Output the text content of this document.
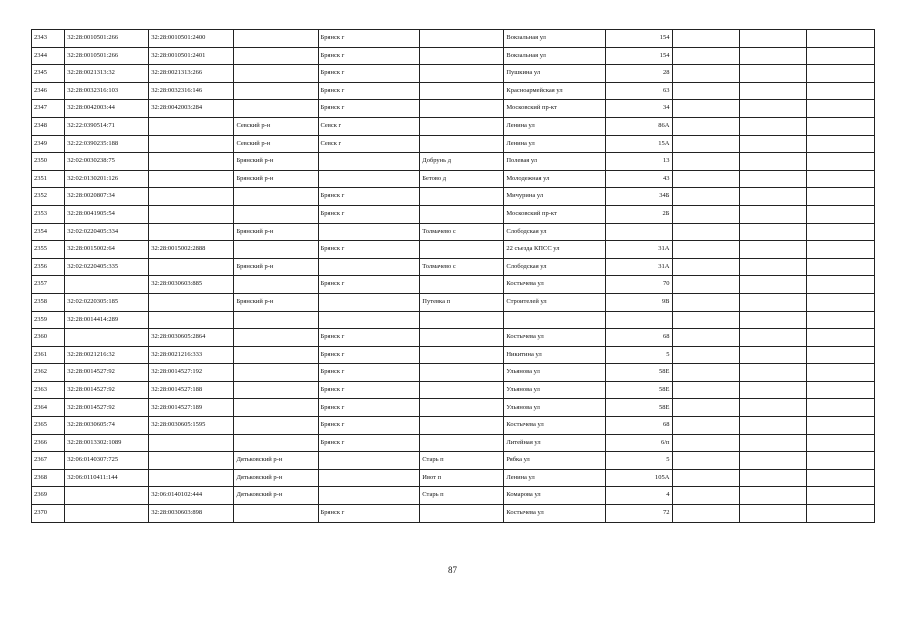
2343	32:28:0010501:266	32:28:0010501:2400		Брянск г		Вокзальная ул	154			
2344	32:28:0010501:266	32:28:0010501:2401		Брянск г		Вокзальная ул	154			
2345	32:28:0021313:32	32:28:0021313:266		Брянск г		Пушкина ул	28			
2346	32:28:0032316:103	32:28:0032316:146		Брянск г		Красноармейская ул	63			
2347	32:28:0042003:44	32:28:0042003:284		Брянск г		Московский пр-кт	34			
2348	32:22:0390514:71		Севский р-н	Севск г		Ленина ул	86А			
2349	32:22:0390235:188		Севский р-н	Севск г		Ленина ул	15А			
2350	32:02:0030238:75		Брянский р-н		Добрунь д	Полевая ул	13			
2351	32:02:0130201:126		Брянский р-н		Бетово д	Молодежная ул	43			
2352	32:28:0020807:34			Брянск г		Мичурина ул	34Б			
2353	32:28:0041905:54			Брянск г		Московский пр-кт	2Б			
2354	32:02:0220405:334		Брянский р-н		Толмачево с	Слободская ул				
2355	32:28:0015002:64	32:28:0015002:2888		Брянск г		22 съезда КПСС ул	31А			
2356	32:02:0220405:335		Брянский р-н		Толмачево с	Слободская ул	31А			
2357		32:28:0030603:885		Брянск г		Костычева ул	70			
2358	32:02:0220305:185		Брянский р-н		Путевка п	Строителей ул	9В			
2359	32:28:0014414:289									
2360		32:28:0030605:2864		Брянск г		Костычева ул	68			
2361	32:28:0021216:32	32:28:0021216:333		Брянск г		Никитина ул	5			
2362	32:28:0014527:92	32:28:0014527:192		Брянск г		Ульянова ул	58Е			
2363	32:28:0014527:92	32:28:0014527:188		Брянск г		Ульянова ул	58Е			
2364	32:28:0014527:92	32:28:0014527:189		Брянск г		Ульянова ул	58Е			
2365	32:28:0030605:74	32:28:0030605:1595		Брянск г		Костычева ул	68			
2366	32:28:0013302:1089			Брянск г		Литейная ул	6/п			
2367	32:06:0140307:725		Дятьковский р-н		Старь п	Рябка ул	5			
2368	32:06:0110411:144		Дятьковский р-н		Ивот п	Ленина ул	105А			
2369		32:06:0140102:444	Дятьковский р-н		Старь п	Комарова ул	4			
2370		32:28:0030603:898		Брянск г		Костычева ул	72			
87
